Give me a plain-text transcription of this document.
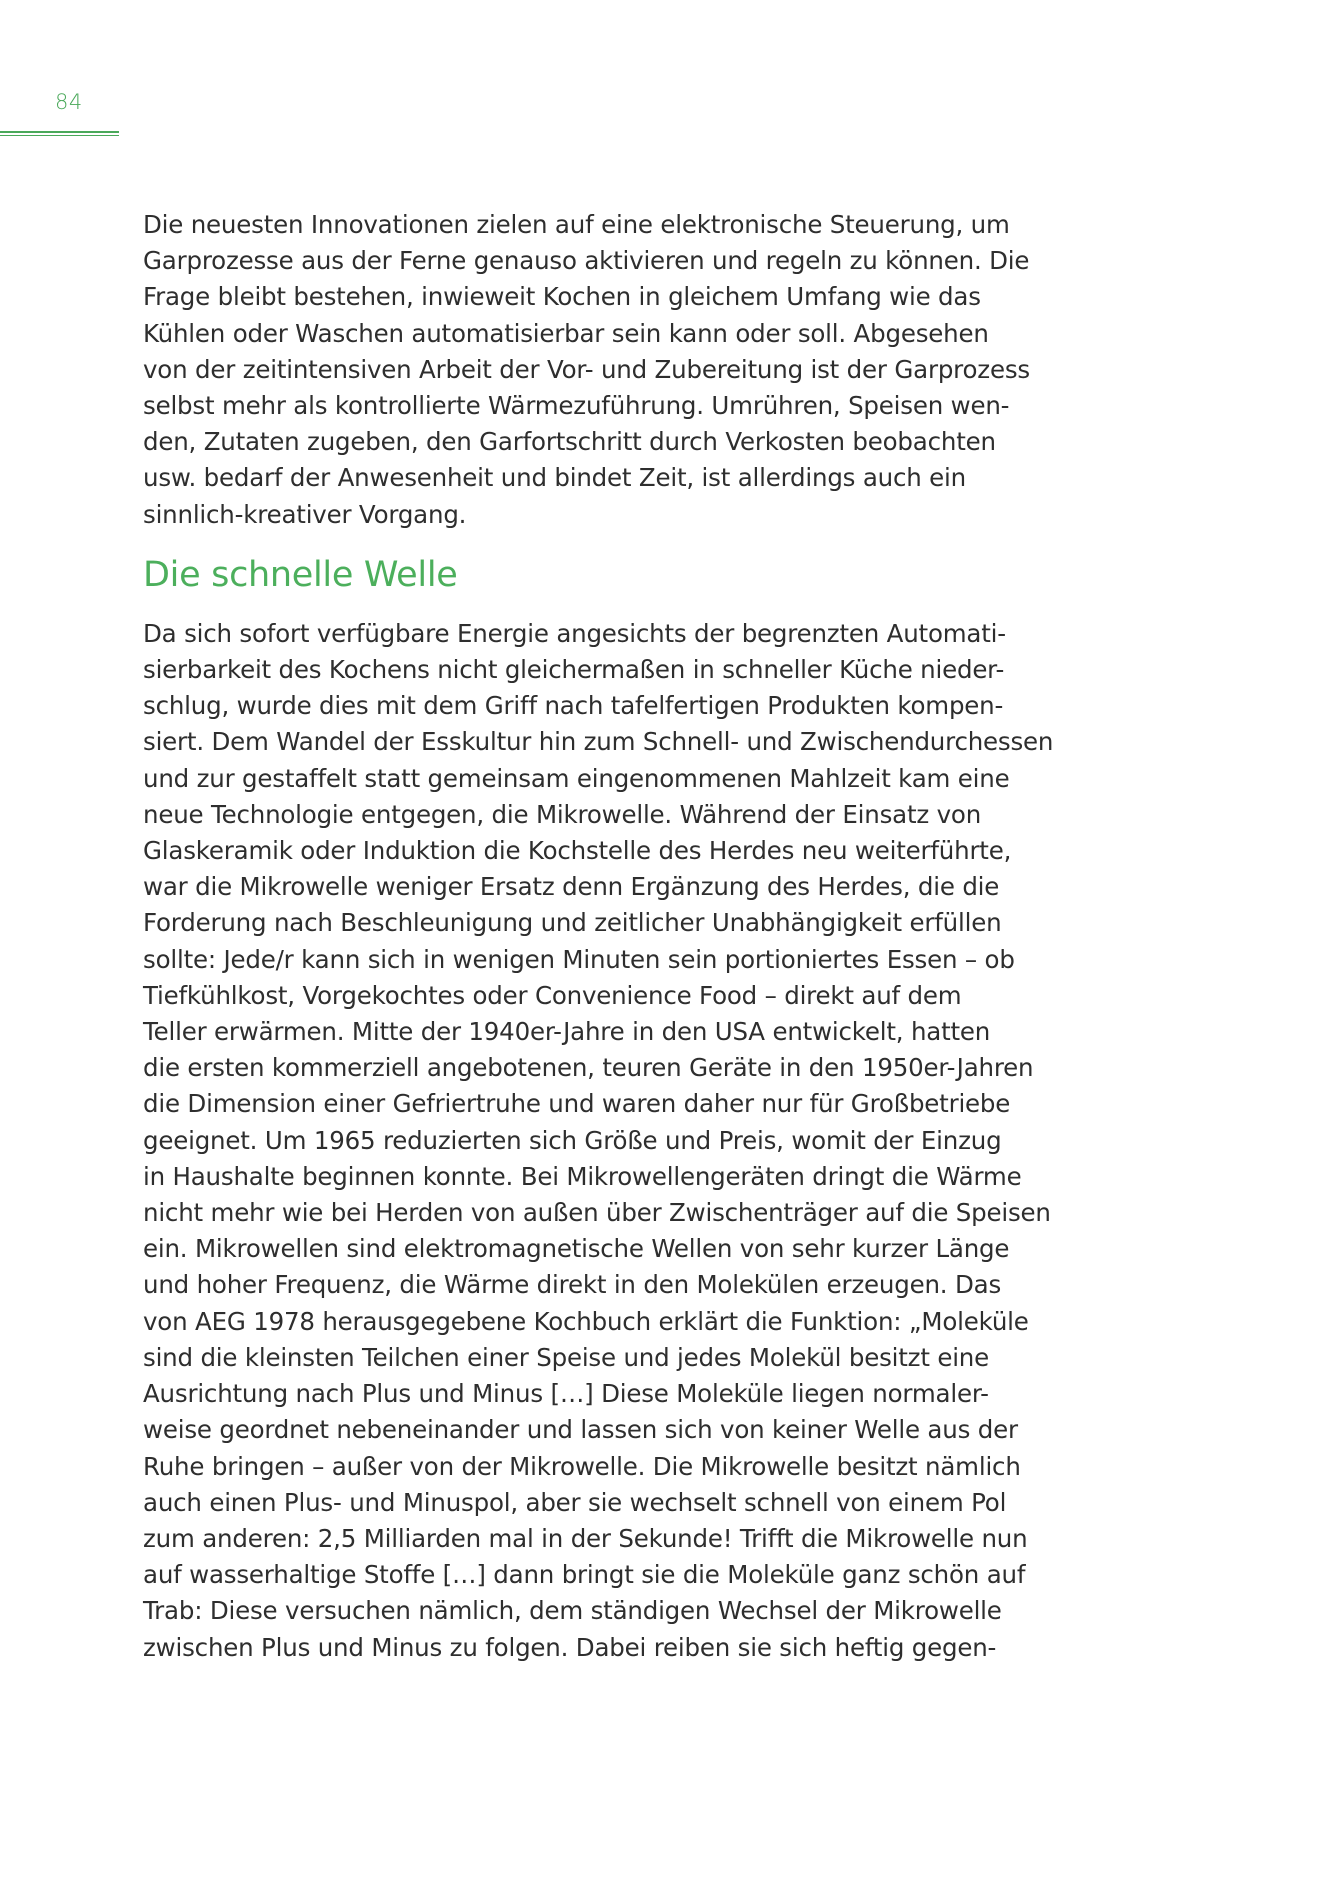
84
Die neuesten Innovationen zielen auf eine elektronische Steuerung, um
Garprozesse aus der Ferne genauso aktivieren und regeln zu können. Die
Frage bleibt bestehen, inwieweit Kochen in gleichem Umfang wie das
Kühlen oder Waschen automatisierbar sein kann oder soll. Abgesehen
von der zeitintensiven Arbeit der Vor- und Zubereitung ist der Garprozess
selbst mehr als kontrollierte Wärmezuführung. Umrühren, Speisen wen-
den, Zutaten zugeben, den Garfortschritt durch Verkosten beobachten
usw. bedarf der Anwesenheit und bindet Zeit, ist allerdings auch ein
sinnlich-kreativer Vorgang.
Die schnelle Welle
Da sich sofort verfügbare Energie angesichts der begrenzten Automati-
sierbarkeit des Kochens nicht gleichermaßen in schneller Küche nieder-
schlug, wurde dies mit dem Griff nach tafelfertigen Produkten kompen-
siert. Dem Wandel der Esskultur hin zum Schnell- und Zwischendurchessen
und zur gestaffelt statt gemeinsam eingenommenen Mahlzeit kam eine
neue Technologie entgegen, die Mikrowelle. Während der Einsatz von
Glaskeramik oder Induktion die Kochstelle des Herdes neu weiterführte,
war die Mikrowelle weniger Ersatz denn Ergänzung des Herdes, die die
Forderung nach Beschleunigung und zeitlicher Unabhängigkeit erfüllen
sollte: Jede/r kann sich in wenigen Minuten sein portioniertes Essen – ob
Tiefkühlkost, Vorgekochtes oder Convenience Food – direkt auf dem
Teller erwärmen. Mitte der 1940er-Jahre in den USA entwickelt, hatten
die ersten kommerziell angebotenen, teuren Geräte in den 1950er-Jahren
die Dimension einer Gefriertruhe und waren daher nur für Großbetriebe
geeignet. Um 1965 reduzierten sich Größe und Preis, womit der Einzug
in Haushalte beginnen konnte. Bei Mikrowellengeräten dringt die Wärme
nicht mehr wie bei Herden von außen über Zwischenträger auf die Speisen
ein. Mikrowellen sind elektromagnetische Wellen von sehr kurzer Länge
und hoher Frequenz, die Wärme direkt in den Molekülen erzeugen. Das
von AEG 1978 herausgegebene Kochbuch erklärt die Funktion: „Moleküle
sind die kleinsten Teilchen einer Speise und jedes Molekül besitzt eine
Ausrichtung nach Plus und Minus […] Diese Moleküle liegen normaler-
weise geordnet nebeneinander und lassen sich von keiner Welle aus der
Ruhe bringen – außer von der Mikrowelle. Die Mikrowelle besitzt nämlich
auch einen Plus- und Minuspol, aber sie wechselt schnell von einem Pol
zum anderen: 2,5 Milliarden mal in der Sekunde! Trifft die Mikrowelle nun
auf wasserhaltige Stoffe […] dann bringt sie die Moleküle ganz schön auf
Trab: Diese versuchen nämlich, dem ständigen Wechsel der Mikrowelle
zwischen Plus und Minus zu folgen. Dabei reiben sie sich heftig gegen-
